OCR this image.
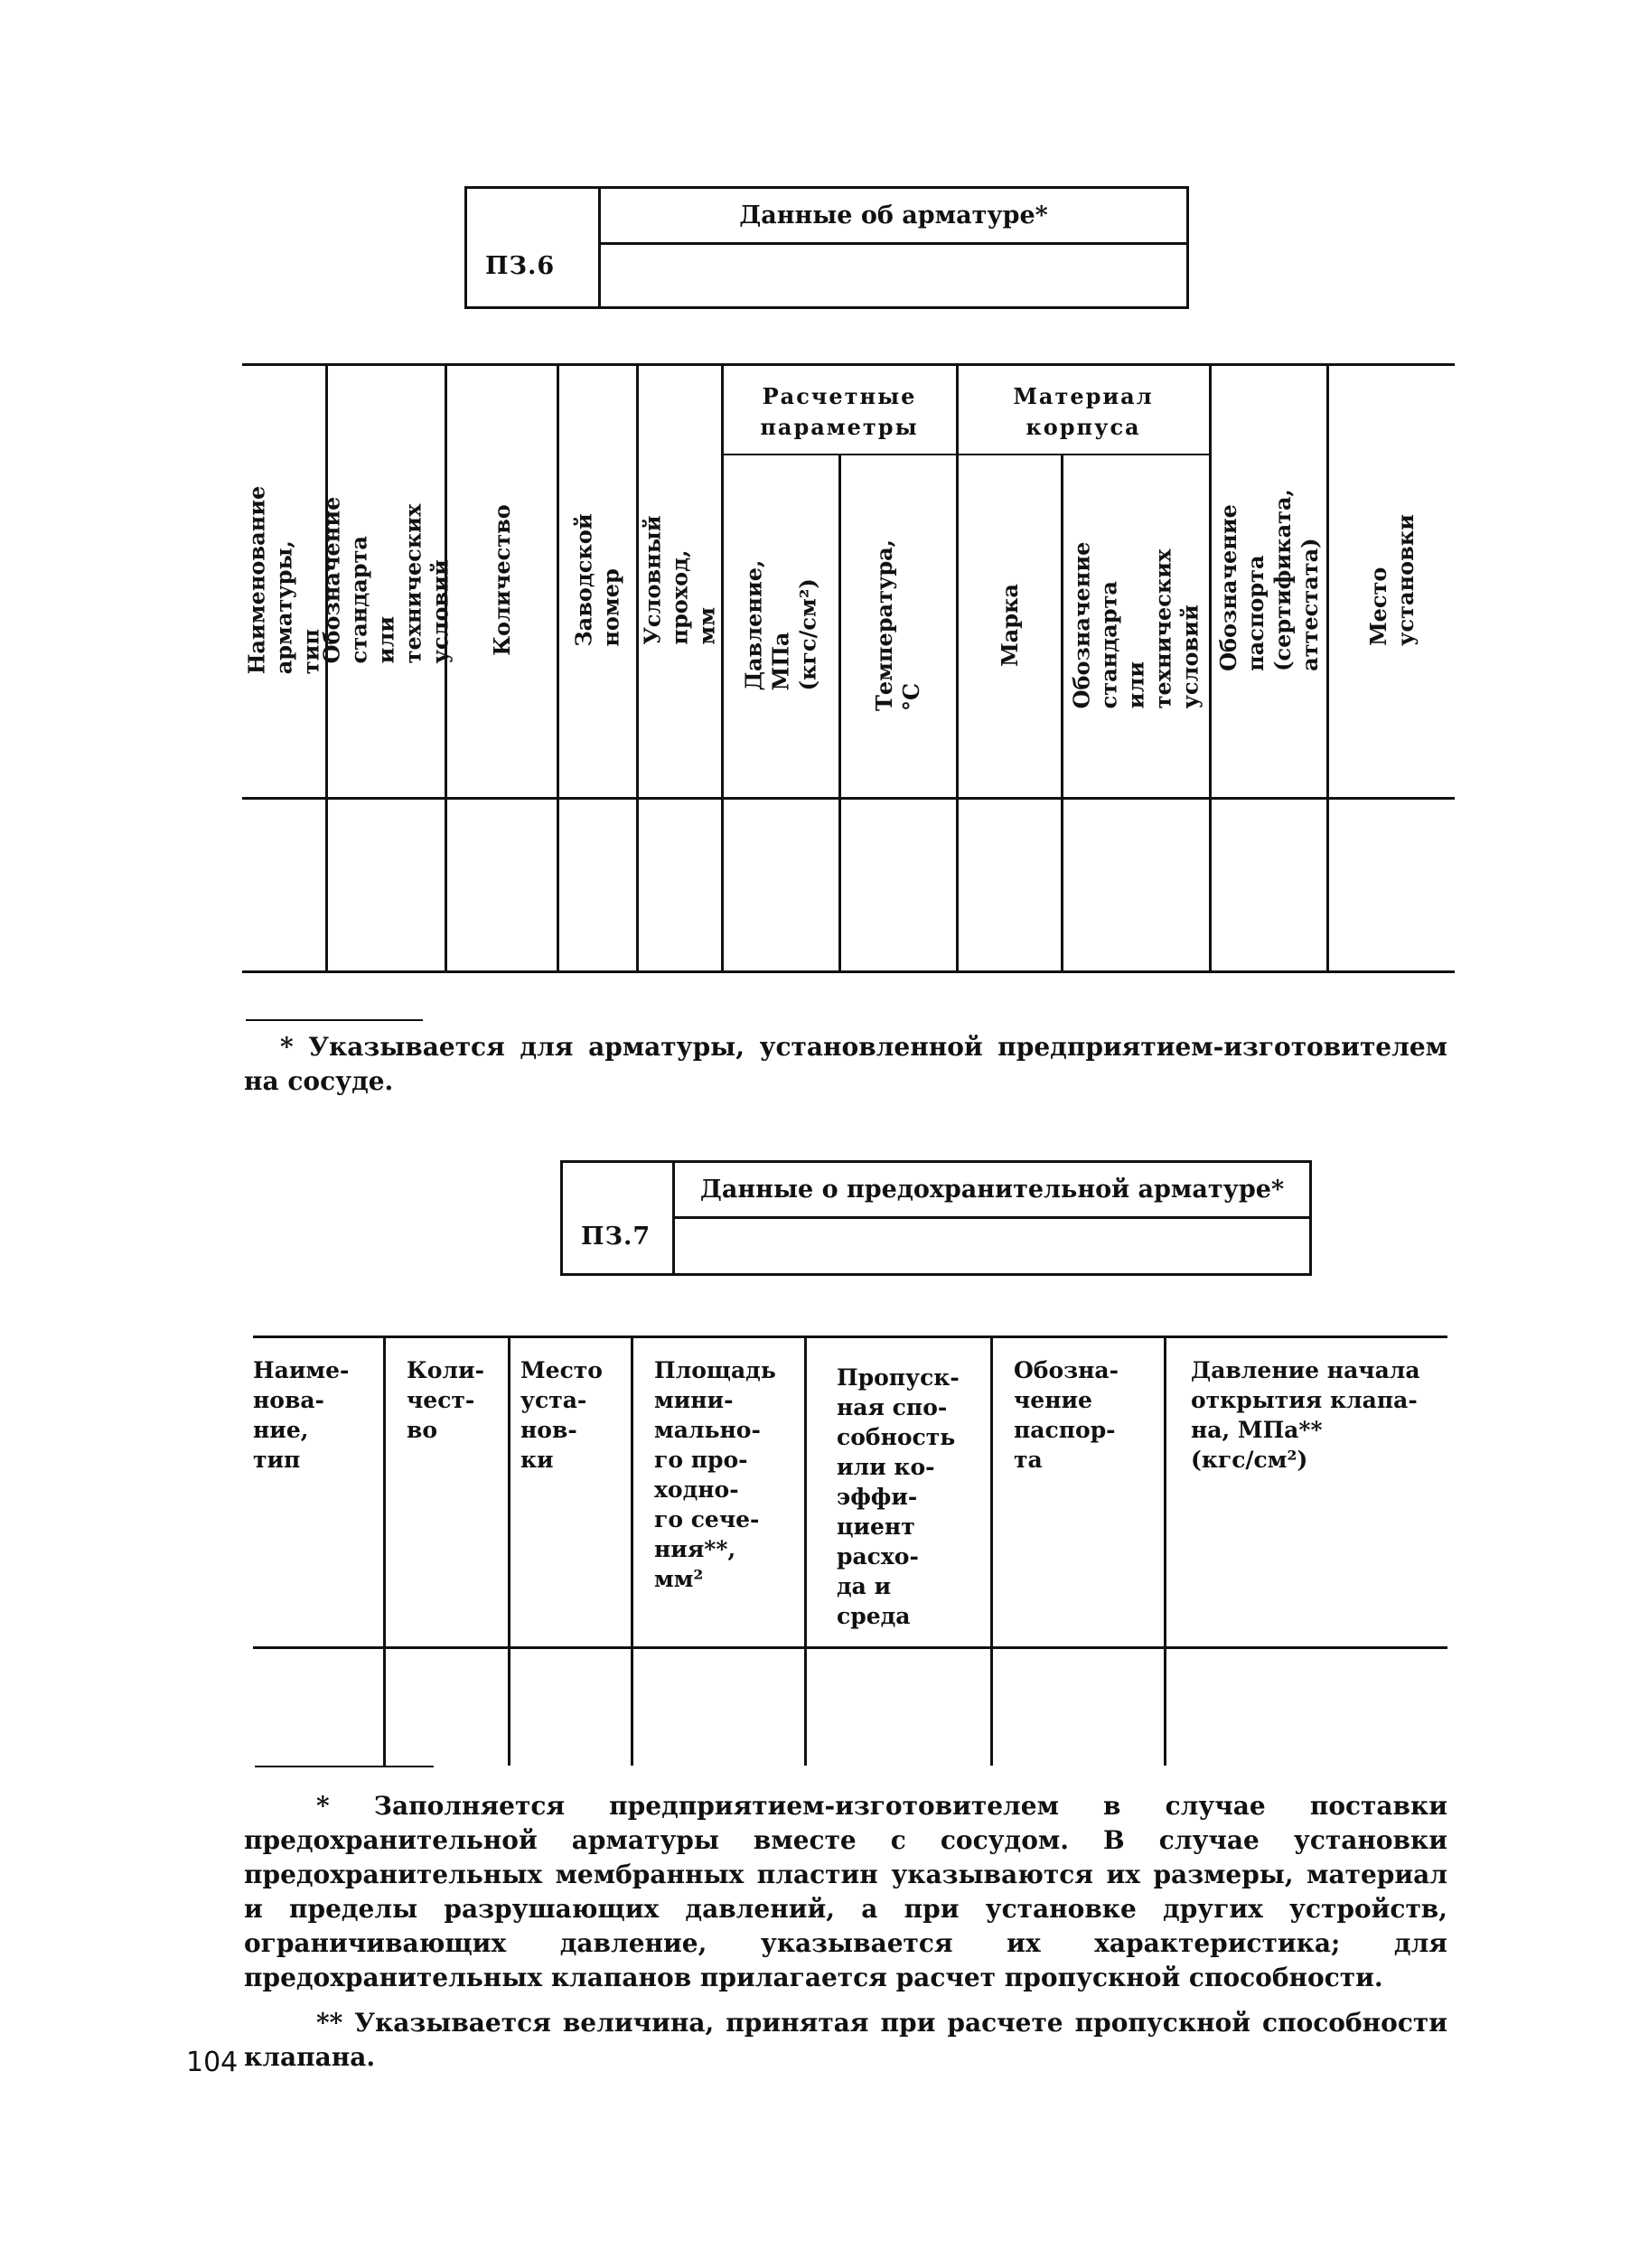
ПЗ.6
Данные об арматуре*
Расчетные
параметры
Материал
корпуса
Наименование арматуры,
тип
Обозначение стандарта или
технических условий Количество	Заводской номер Условный проход, мм Давление, МПа
(кгс/см²) Температура,
°C
Марка Обозначение
стандарта или
технических
условий Обозначение паспорта
(сертификата, аттестата) Место установки
* Указывается для арматуры, установленной предприятием-изготовителем на сосуде.
ПЗ.7
Данные о предохранительной арматуре*
Наиме-
нова-
ние,
тип
Коли-
чест-
во
Место
уста-
нов-
ки
Площадь
мини-
мально-
го про-
ходно-
го сече-
ния**,
мм²
Пропуск-
ная спо-
собность
или ко-
эффи-
циент
расхо-
да и
среда
Обозна-
чение
паспор-
та
Давление начала
открытия клапа-
на, МПа**
(кгс/см²)
* Заполняется предприятием-изготовителем в случае поставки предохранительной арматуры вместе с сосудом. В случае установки предохранительных мембранных пластин указываются их размеры, материал и пределы разрушающих давлений, а при установке других устройств, ограничивающих давление, указывается их характеристика; для предохранительных клапанов прилагается расчет пропускной способности.
** Указывается величина, принятая при расчете пропускной способности клапана.
104
